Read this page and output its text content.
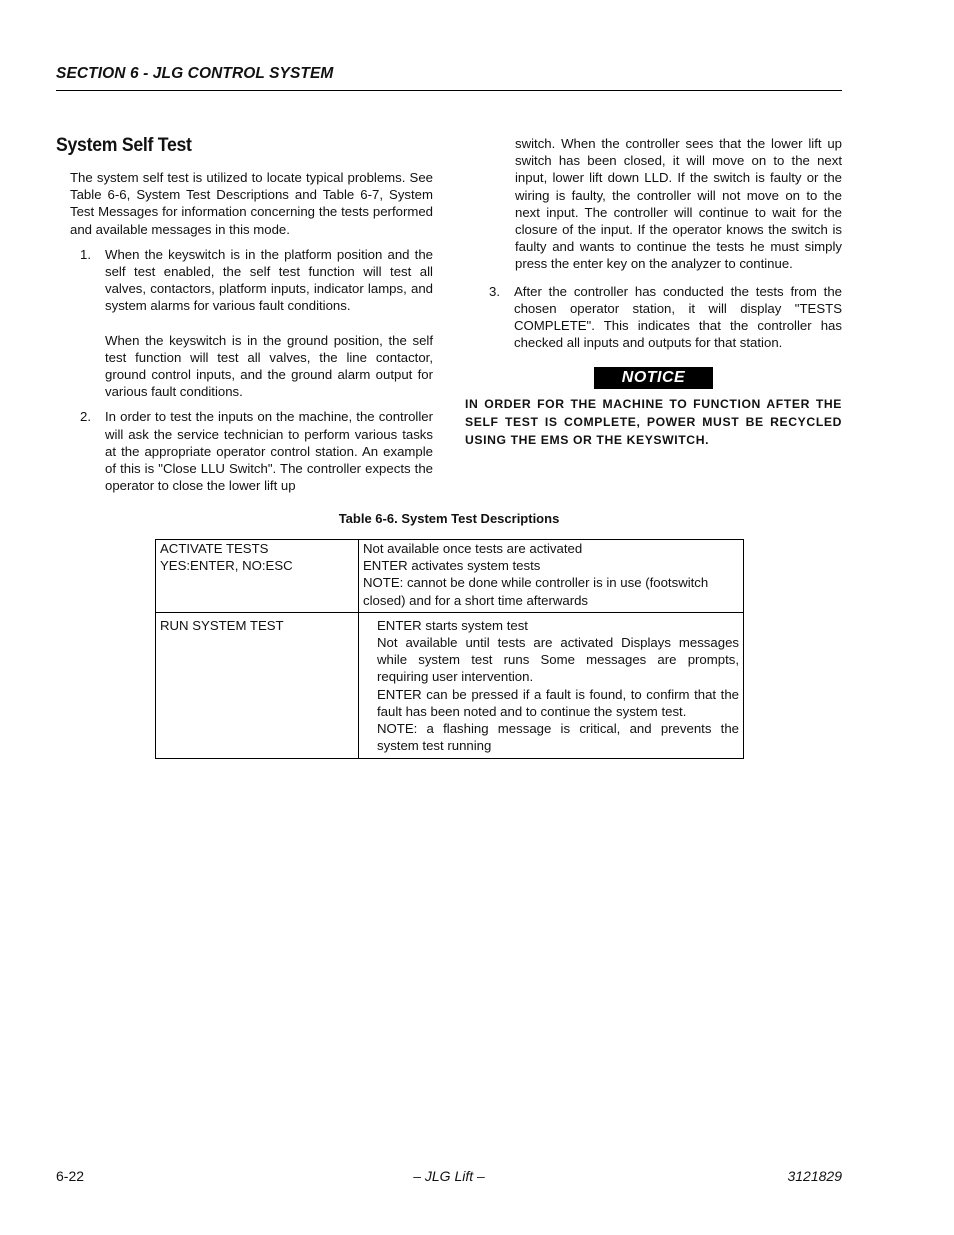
SECTION 6 - JLG CONTROL SYSTEM
System Self Test

The system self test is utilized to locate typical problems. See Table 6-6, System Test Descriptions and Table 6-7, System Test Messages for information concerning the tests performed and available messages in this mode.

1. When the keyswitch is in the platform position and the self test enabled, the self test function will test all valves, contactors, platform inputs, indicator lamps, and system alarms for various fault conditions.

When the keyswitch is in the ground position, the self test function will test all valves, the line contactor, ground control inputs, and the ground alarm output for various fault conditions.

2. In order to test the inputs on the machine, the controller will ask the service technician to perform various tasks at the appropriate operator control station. An example of this is "Close LLU Switch". The controller expects the operator to close the lower lift up

switch. When the controller sees that the lower lift up switch has been closed, it will move on to the next input, lower lift down LLD. If the switch is faulty or the wiring is faulty, the controller will not move on to the next input. The controller will continue to wait for the closure of the input. If the operator knows the switch is faulty and wants to continue the tests he must simply press the enter key on the analyzer to continue.

3. After the controller has conducted the tests from the chosen operator station, it will display "TESTS COMPLETE". This indicates that the controller has checked all inputs and outputs for that station.

NOTICE

IN ORDER FOR THE MACHINE TO FUNCTION AFTER THE SELF TEST IS COMPLETE, POWER MUST BE RECYCLED USING THE EMS OR THE KEYSWITCH.

Table 6-6. System Test Descriptions
ACTIVATE TESTS
YES:ENTER, NO:ESC	Not available once tests are activated
ENTER activates system tests
NOTE: cannot be done while controller is in use (footswitch closed) and for a short time afterwards

RUN SYSTEM TEST	ENTER starts system test
Not available until tests are activated Displays messages while system test runs Some messages are prompts, requiring user intervention.
ENTER can be pressed if a fault is found, to confirm that the fault has been noted and to continue the system test.
NOTE: a flashing message is critical, and prevents the system test running
6-22	– JLG Lift –	3121829
